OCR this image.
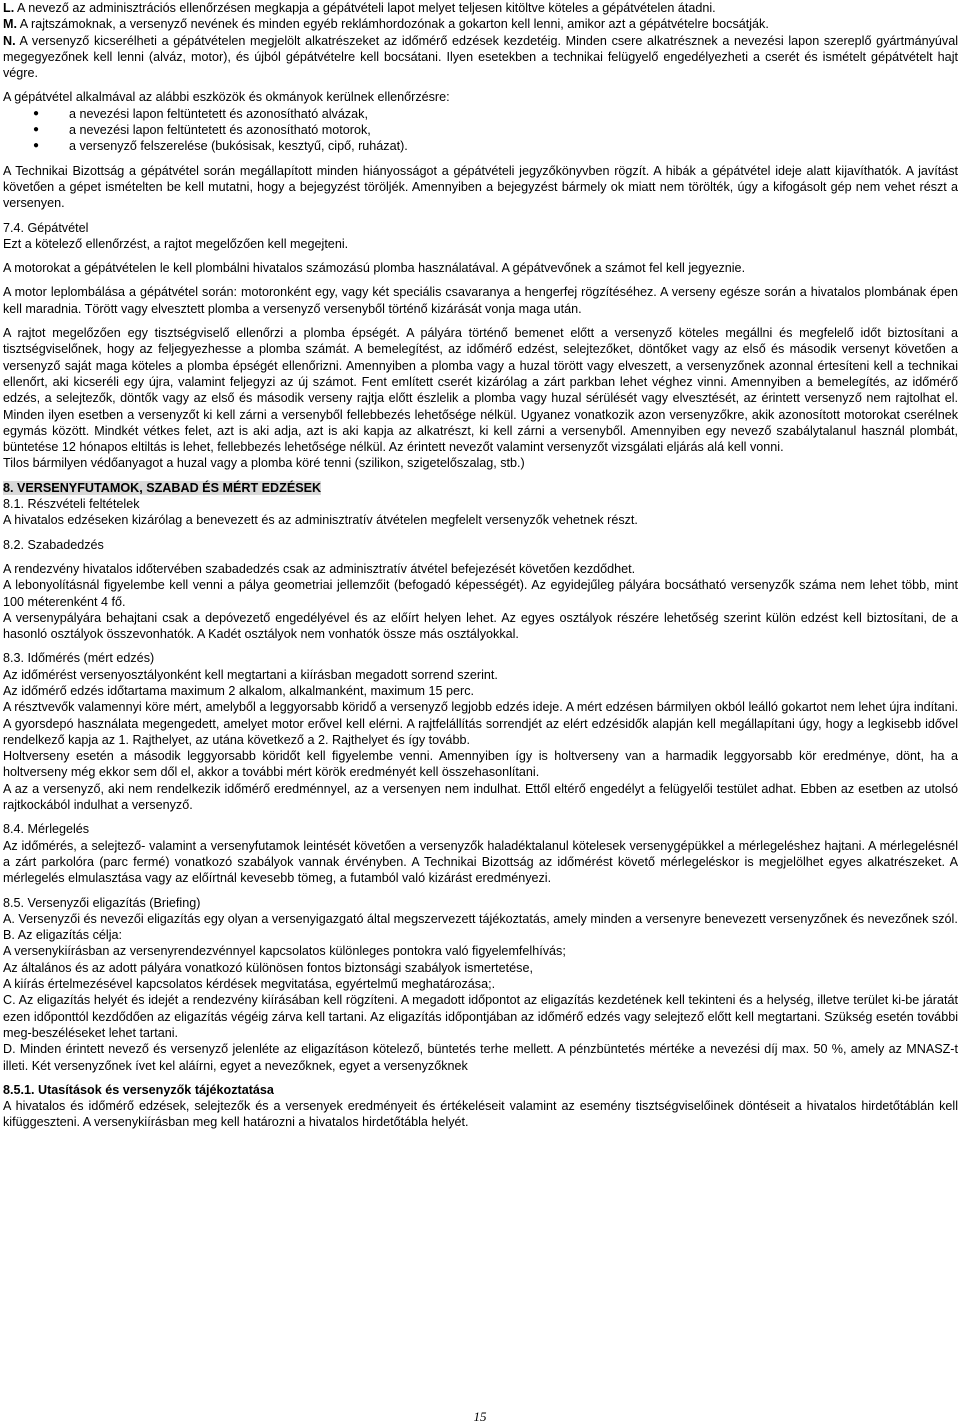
L. A nevező az adminisztrációs ellenőrzésen megkapja a gépátvételi lapot melyet teljesen kitöltve köteles a gépátvételen átadni.

M. A rajtszámoknak, a versenyző nevének és minden egyéb reklámhordozónak a gokarton kell lenni, amikor azt a gépátvételre bocsátják.

N. A versenyző kicserélheti a gépátvételen megjelölt alkatrészeket az időmérő edzések kezdetéig. Minden csere alkatrésznek a nevezési lapon szereplő gyártmányúval megegyezőnek kell lenni (alváz, motor), és újból gépátvételre kell bocsátani. Ilyen esetekben a technikai felügyelő engedélyezheti a cserét és ismételt gépátvételt hajt végre.

A gépátvétel alkalmával az alábbi eszközök és okmányok kerülnek ellenőrzésre:

● a nevezési lapon feltüntetett és azonosítható alvázak,
● a nevezési lapon feltüntetett és azonosítható motorok,
● a versenyző felszerelése (bukósisak, kesztyű, cipő, ruházat).

A Technikai Bizottság a gépátvétel során megállapított minden hiányosságot a gépátvételi jegyzőkönyvben rögzít. A hibák a gépátvétel ideje alatt kijavíthatók. A javítást követően a gépet ismételten be kell mutatni, hogy a bejegyzést töröljék. Amennyiben a bejegyzést bármely ok miatt nem törölték, úgy a kifogásolt gép nem vehet részt a versenyen.

7.4. Gépátvétel

Ezt a kötelező ellenőrzést, a rajtot megelőzően kell megejteni.

A motorokat a gépátvételen le kell plombálni hivatalos számozású plomba használatával. A gépátvevőnek a számot fel kell jegyeznie.

A motor leplombálása a gépátvétel során: motoronként egy, vagy két speciális csavaranya a hengerfej rögzítéséhez. A verseny egésze során a hivatalos plombának épen kell maradnia. Törött vagy elvesztett plomba a versenyző versenyből történő kizárását vonja maga után.

A rajtot megelőzően egy tisztségviselő ellenőrzi a plomba épségét. A pályára történő bemenet előtt a versenyző köteles megállni és megfelelő időt biztosítani a tisztségviselőnek, hogy az feljegyezhesse a plomba számát. A bemelegítést, az időmérő edzést, selejtezőket, döntőket vagy az első és második versenyt követően a versenyző saját maga köteles a plomba épségét ellenőrizni. Amennyiben a plomba vagy a huzal törött vagy elveszett, a versenyzőnek azonnal értesíteni kell a technikai ellenőrt, aki kicseréli egy újra, valamint feljegyzi az új számot. Fent említett cserét kizárólag a zárt parkban lehet véghez vinni. Amennyiben a bemelegítés, az időmérő edzés, a selejtezők, döntők vagy az első és második verseny rajtja előtt észlelik a plomba vagy huzal sérülését vagy elvesztését, az érintett versenyző nem rajtolhat el. Minden ilyen esetben a versenyzőt ki kell zárni a versenyből fellebbezés lehetősége nélkül. Ugyanez vonatkozik azon versenyzőkre, akik azonosított motorokat cserélnek egymás között. Mindkét vétkes felet, azt is aki adja, azt is aki kapja az alkatrészt, ki kell zárni a versenyből. Amennyiben egy nevező szabálytalanul használ plombát, büntetése 12 hónapos eltiltás is lehet, fellebbezés lehetősége nélkül. Az érintett nevezőt valamint versenyzőt vizsgálati eljárás alá kell vonni.

Tilos bármilyen védőanyagot a huzal vagy a plomba köré tenni (szilikon, szigetelőszalag, stb.)

8. VERSENYFUTAMOK, SZABAD ÉS MÉRT EDZÉSEK

8.1. Részvételi feltételek

A hivatalos edzéseken kizárólag a benevezett és az adminisztratív átvételen megfelelt versenyzők vehetnek részt.

8.2. Szabadedzés

A rendezvény hivatalos időtervében szabadedzés csak az adminisztratív átvétel befejezését követően kezdődhet.

A lebonyolításnál figyelembe kell venni a pálya geometriai jellemzőit (befogadó képességét). Az egyidejűleg pályára bocsátható versenyzők száma nem lehet több, mint 100 méterenként 4 fő.

A versenypályára behajtani csak a depóvezető engedélyével és az előírt helyen lehet. Az egyes osztályok részére lehetőség szerint külön edzést kell biztosítani, de a hasonló osztályok összevonhatók. A Kadét osztályok nem vonhatók össze más osztályokkal.

8.3. Időmérés (mért edzés)

Az időmérést versenyosztályonként kell megtartani a kiírásban megadott sorrend szerint.

Az időmérő edzés időtartama maximum 2 alkalom, alkalmanként, maximum 15 perc.

A résztvevők valamennyi köre mért, amelyből a leggyorsabb köridő a versenyző legjobb edzés ideje. A mért edzésen bármilyen okból leálló gokartot nem lehet újra indítani. A gyorsdepó használata megengedett, amelyet motor erővel kell elérni. A rajtfelállítás sorrendjét az elért edzésidők alapján kell megállapítani úgy, hogy a legkisebb idővel rendelkező kapja az 1. Rajthelyet, az utána következő a 2. Rajthelyet és így tovább.

Holtverseny esetén a második leggyorsabb köridőt kell figyelembe venni. Amennyiben így is holtverseny van a harmadik leggyorsabb kör eredménye, dönt, ha a holtverseny még ekkor sem dől el, akkor a további mért körök eredményét kell összehasonlítani.

A az a versenyző, aki nem rendelkezik időmérő eredménnyel, az a versenyen nem indulhat. Ettől eltérő engedélyt a felügyelői testület adhat. Ebben az esetben az utolsó rajtkockából indulhat a versenyző.

8.4. Mérlegelés

Az időmérés, a selejtező- valamint a versenyfutamok leintését követően a versenyzők haladéktalanul kötelesek versenygépükkel a mérlegeléshez hajtani. A mérlegelésnél a zárt parkolóra (parc fermé) vonatkozó szabályok vannak érvényben. A Technikai Bizottság az időmérést követő mérlegeléskor is megjelölhet egyes alkatrészeket. A mérlegelés elmulasztása vagy az előírtnál kevesebb tömeg, a futamból való kizárást eredményezi.

8.5. Versenyzői eligazítás (Briefing)

A. Versenyzői és nevezői eligazítás egy olyan a versenyigazgató által megszervezett tájékoztatás, amely minden a versenyre benevezett versenyzőnek és nevezőnek szól.

B. Az eligazítás célja:

A versenykiírásban az versenyrendezvénnyel kapcsolatos különleges pontokra való figyelemfelhívás;

Az általános és az adott pályára vonatkozó különösen fontos biztonsági szabályok ismertetése,

A kiírás értelmezésével kapcsolatos kérdések megvitatása, egyértelmű meghatározása;.

C. Az eligazítás helyét és idejét a rendezvény kiírásában kell rögzíteni. A megadott időpontot az eligazítás kezdetének kell tekinteni és a helység, illetve terület ki-be járatát ezen időponttól kezdődően az eligazítás végéig zárva kell tartani. Az eligazítás időpontjában az időmérő edzés vagy selejtező előtt kell megtartani. Szükség esetén további meg-beszéléseket lehet tartani.

D. Minden érintett nevező és versenyző jelenléte az eligazításon kötelező, büntetés terhe mellett. A pénzbüntetés mértéke a nevezési díj max. 50 %, amely az MNASZ-t illeti. Két versenyzőnek ívet kel aláírni, egyet a nevezőknek, egyet a versenyzőknek

8.5.1. Utasítások és versenyzők tájékoztatása

A hivatalos és időmérő edzések, selejtezők és a versenyek eredményeit és értékeléseit valamint az esemény tisztségviselőinek döntéseit a hivatalos hirdetőtáblán kell kifüggeszteni. A versenykiírásban meg kell határozni a hivatalos hirdetőtábla helyét.

15
